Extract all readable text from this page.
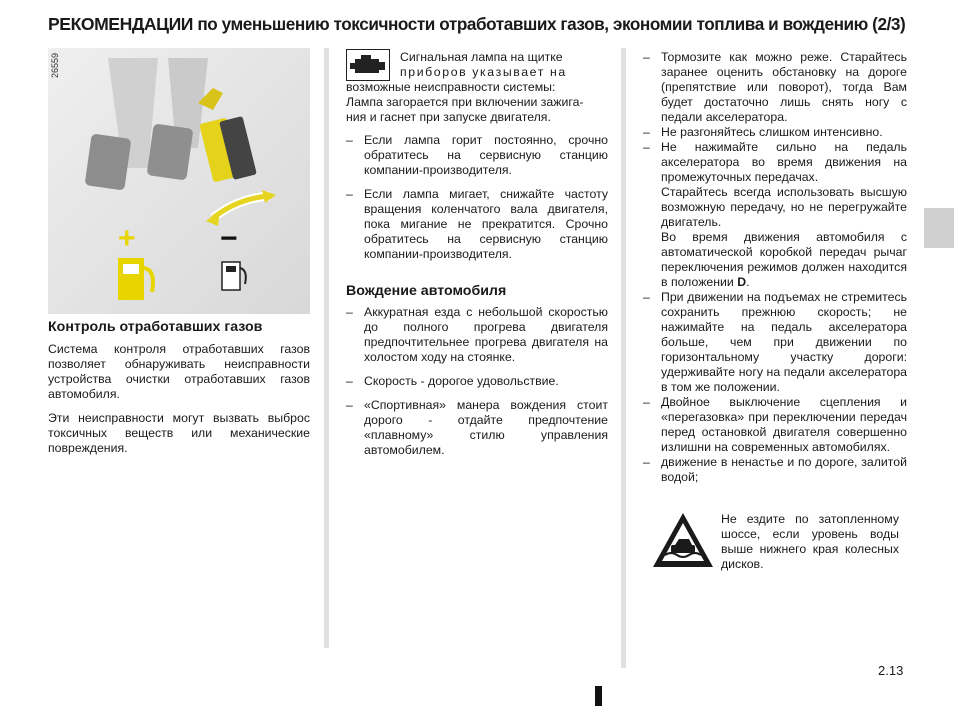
РЕКОМЕНДАЦИИ по уменьшению токсичности отработавших газов, экономии топлива и вождению (2/3)
26559
+	−
Контроль отработавших газов

Система контроля отработавших газов позволяет обнаруживать неисправности устройства очистки отработавших газов автомобиля.

Эти неисправности могут вызвать выброс токсичных веществ или механические повреждения.

Сигнальная лампа на щитке

приборов указывает на

возможные неисправности системы:

Лампа загорается при включении зажига-

ния и гаснет при запуске двигателя.

– Если лампа горит постоянно, срочно обратитесь на сервисную станцию компании-производителя.
– Если лампа мигает, снижайте частоту вращения коленчатого вала двигателя, пока мигание не прекратится. Срочно обратитесь на сервисную станцию компании-производителя.
Вождение автомобиля
– Аккуратная езда с небольшой скоростью до полного прогрева двигателя предпочтительнее прогрева двигателя на холостом ходу на стоянке.
– Скорость - дорогое удовольствие.
– «Спортивная» манера вождения стоит дорого - отдайте предпочтение «плавному» стилю управления автомобилем.
– Тормозите как можно реже. Старайтесь заранее оценить обстановку на дороге (препятствие или поворот), тогда Вам будет достаточно лишь снять ногу с педали акселератора.
– Не разгоняйтесь слишком интенсивно.
– Не нажимайте сильно на педаль акселератора во время движения на промежуточных передачах.

Старайтесь всегда использовать высшую возможную передачу, но не перегружайте двигатель.

Во время движения автомобиля с автоматической коробкой передач рычаг переключения режимов должен находится в положении D.

– При движении на подъемах не стремитесь сохранить прежнюю скорость; не нажимайте на педаль акселератора больше, чем при движении по горизонтальному участку дороги: удерживайте ногу на педали акселератора в том же положении.
– Двойное выключение сцепления и «перегазовка» при переключении передач перед остановкой двигателя совершенно излишни на современных автомобилях.
– движение в ненастье и по дороге, залитой водой;
Не ездите по затопленному шоссе, если уровень воды выше нижнего края колесных дисков.
2.13
